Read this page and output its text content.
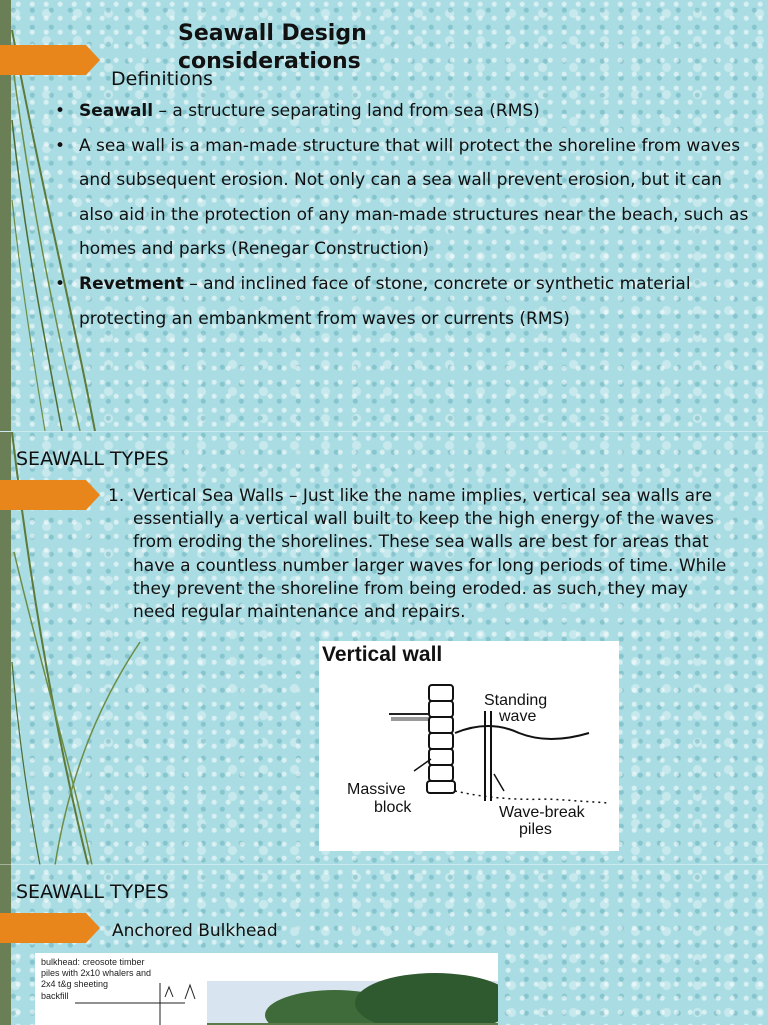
Seawall Design considerations

Definitions

• Seawall – a structure separating land from sea (RMS)
• A sea wall is a man-made structure that will protect the shoreline from waves and subsequent erosion. Not only can a sea wall prevent erosion, but it can also aid in the protection of any man-made structures near the beach, such as homes and parks (Renegar Construction)
• Revetment – and inclined face of stone, concrete or synthetic material protecting an embankment from waves or currents (RMS)
SEAWALL TYPES
1. Vertical Sea Walls – Just like the name implies, vertical sea walls are essentially a vertical wall built to keep the high energy of the waves from eroding the shorelines. These sea walls are best for areas that have a countless number larger waves for long periods of time. While they prevent the shoreline from being eroded. as such, they may need regular maintenance and repairs.
Vertical wall
Standing
wave
Massive
block	Wave-break
piles
SEAWALL TYPES
Anchored Bulkhead
bulkhead: creosote timber
piles with 2x10 whalers and
2x4 t&g sheeting
backfill
